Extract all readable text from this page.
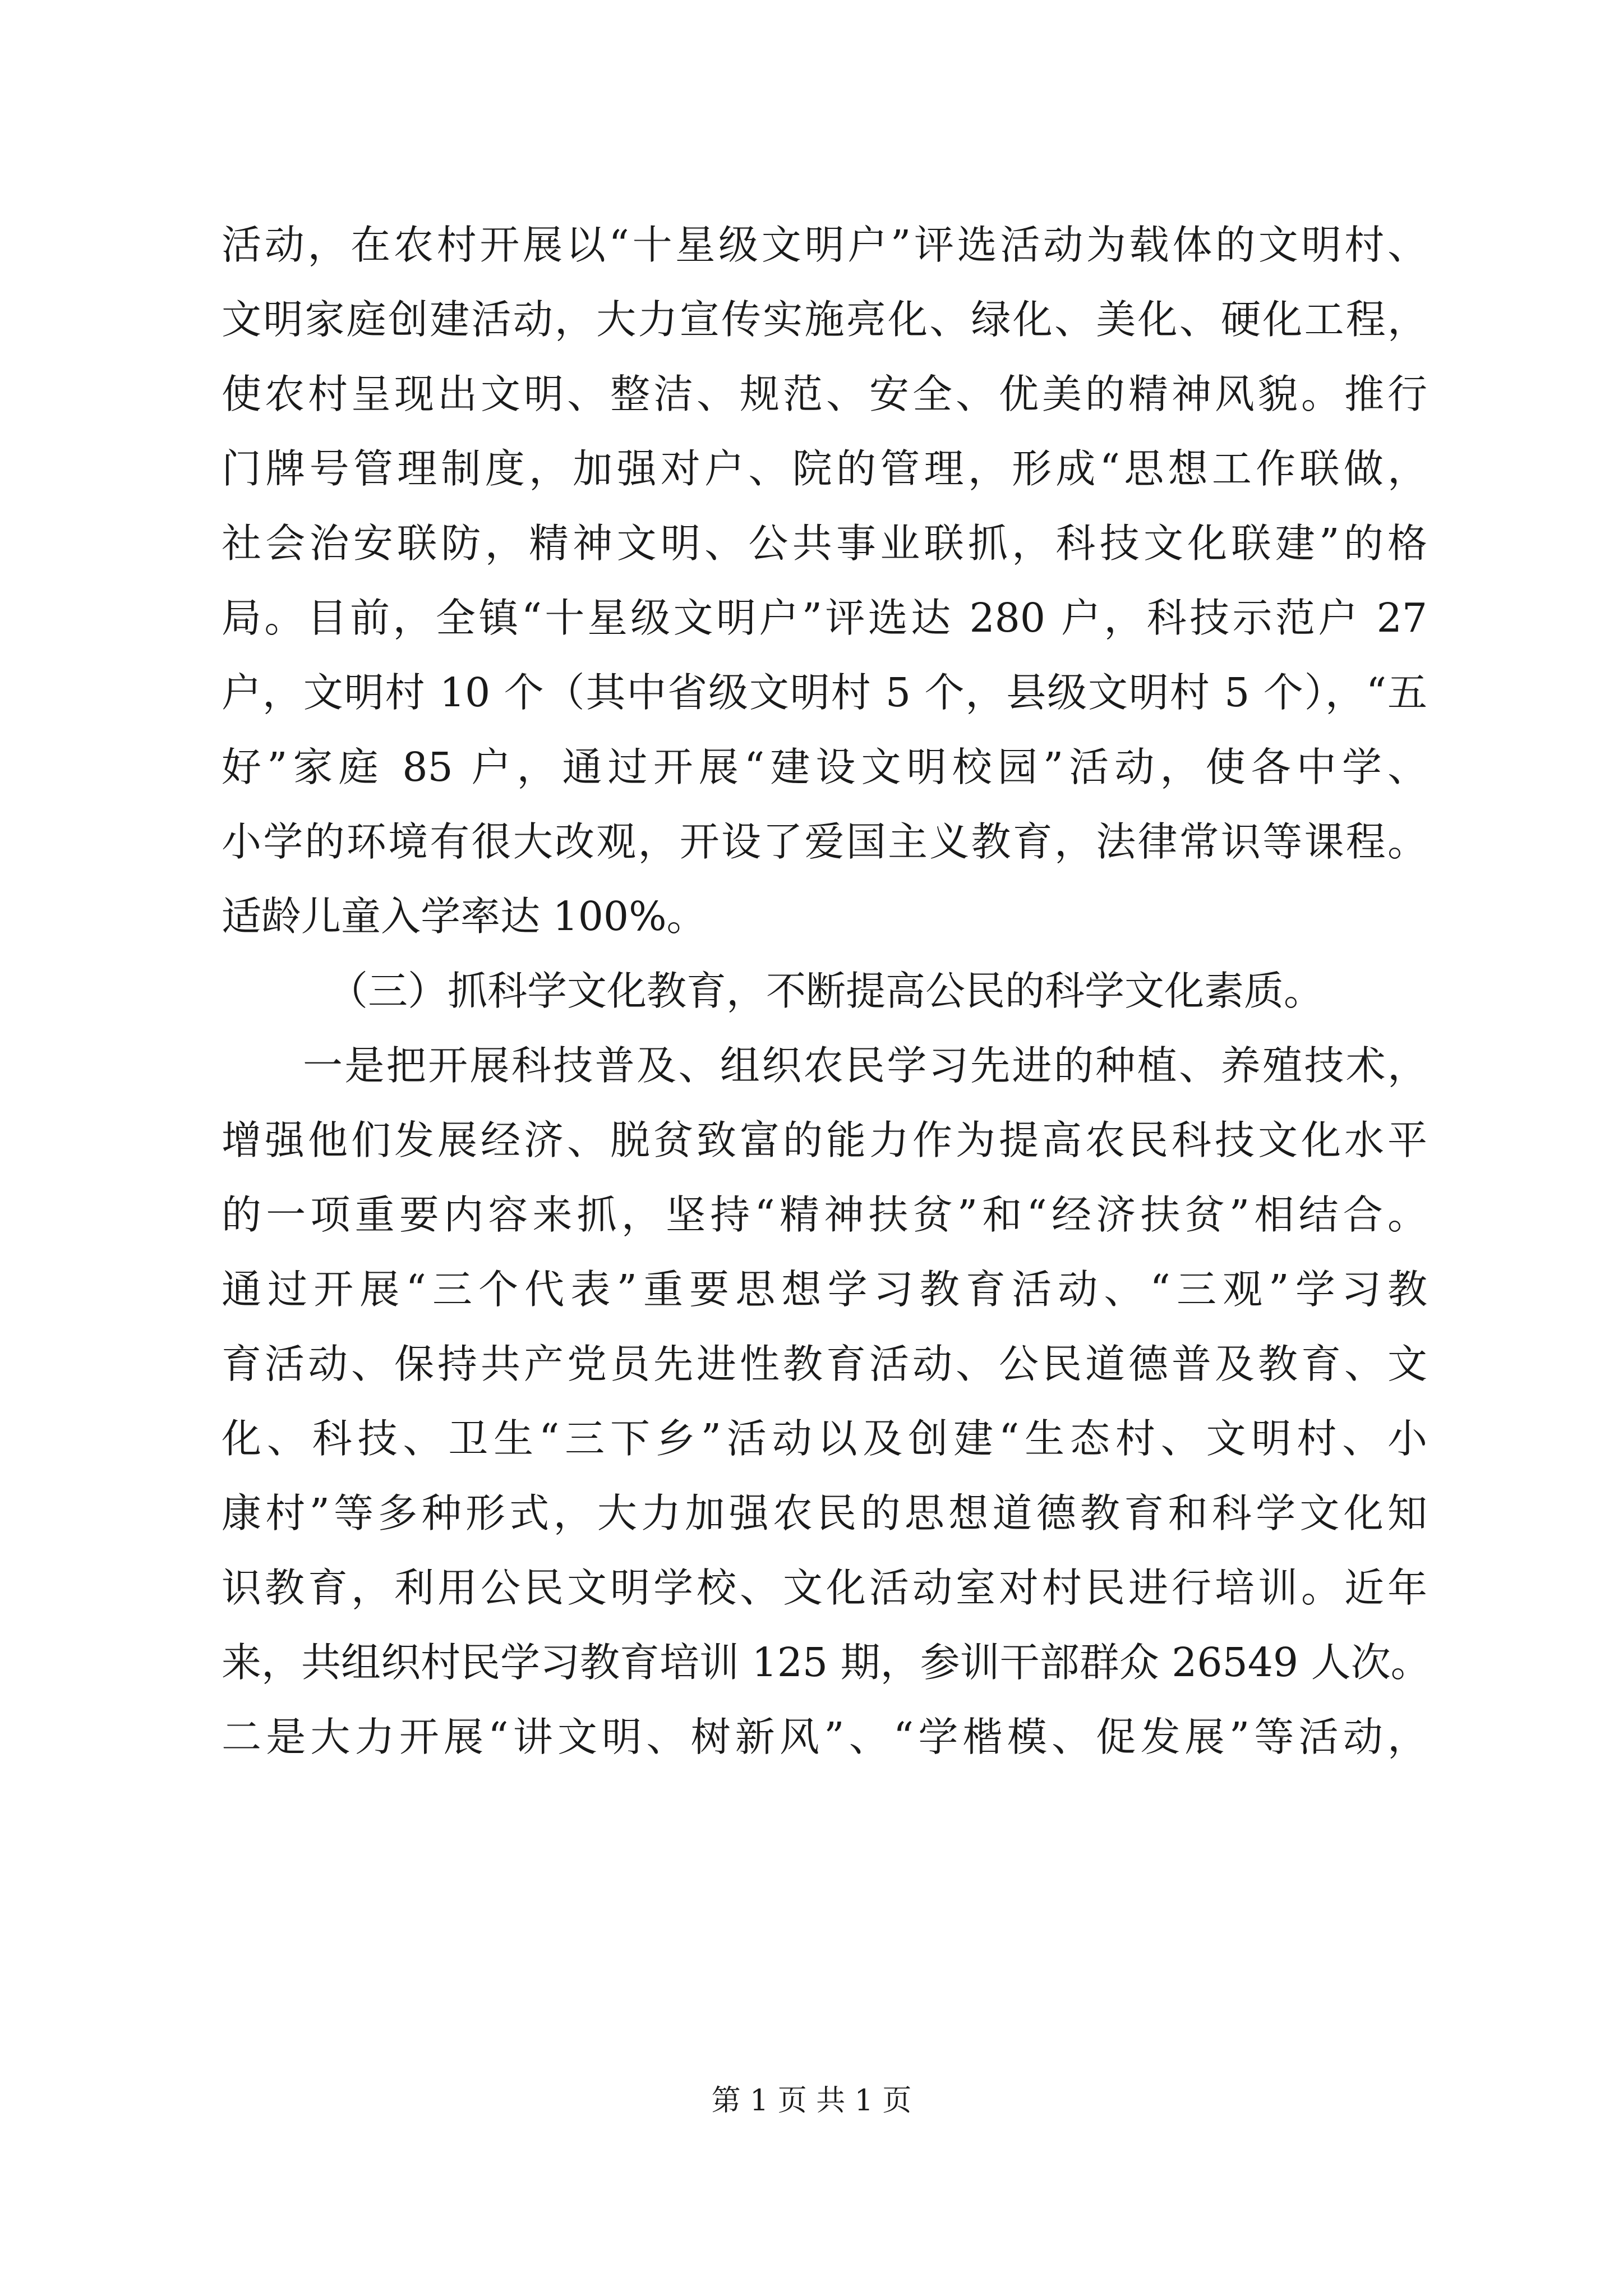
活动，在农村开展以“十星级文明户”评选活动为载体的文明村、
文明家庭创建活动，大力宣传实施亮化、绿化、美化、硬化工程，
使农村呈现出文明、整洁、规范、安全、优美的精神风貌。推行
门牌号管理制度，加强对户、院的管理，形成“思想工作联做，
社会治安联防，精神文明、公共事业联抓，科技文化联建”的格
局。目前，全镇“十星级文明户”评选达 280 户，科技示范户 27
户，文明村 10 个（其中省级文明村 5 个，县级文明村 5 个），“五
好”家庭 85 户，通过开展“建设文明校园”活动，使各中学、
小学的环境有很大改观，开设了爱国主义教育，法律常识等课程。
适龄儿童入学率达 100%。
（三）抓科学文化教育，不断提高公民的科学文化素质。
一是把开展科技普及、组织农民学习先进的种植、养殖技术，
增强他们发展经济、脱贫致富的能力作为提高农民科技文化水平
的一项重要内容来抓，坚持“精神扶贫”和“经济扶贫”相结合。
通过开展“三个代表”重要思想学习教育活动、“三观”学习教
育活动、保持共产党员先进性教育活动、公民道德普及教育、文
化、科技、卫生“三下乡”活动以及创建“生态村、文明村、小
康村”等多种形式，大力加强农民的思想道德教育和科学文化知
识教育，利用公民文明学校、文化活动室对村民进行培训。近年
来，共组织村民学习教育培训 125 期，参训干部群众 26549 人次。
二是大力开展“讲文明、树新风”、“学楷模、促发展”等活动，
第 1 页 共 1 页
